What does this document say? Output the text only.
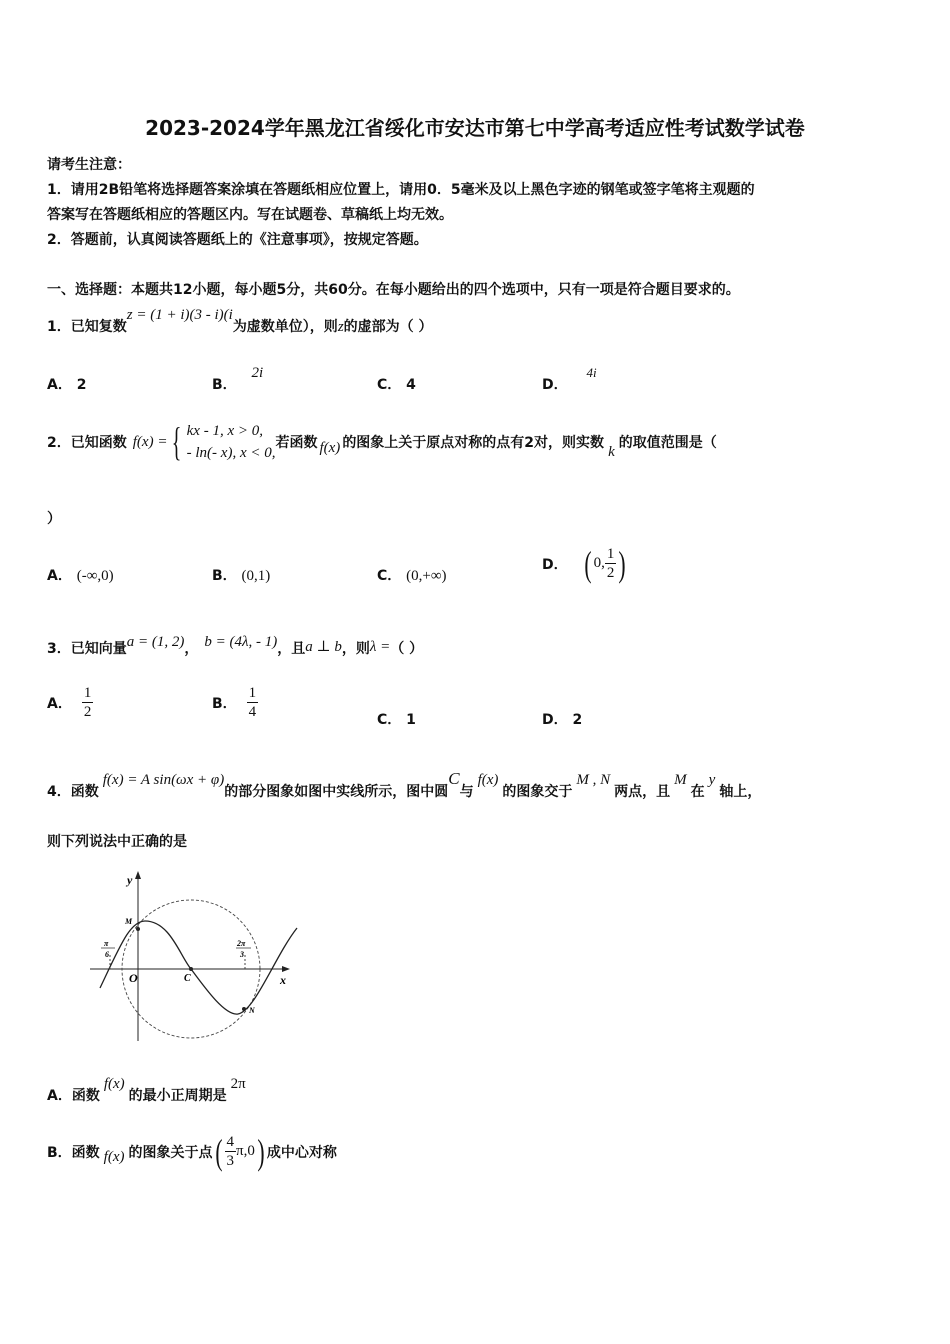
2023-2024学年黑龙江省绥化市安达市第七中学高考适应性考试数学试卷
请考生注意：
1．请用2B铅笔将选择题答案涂填在答题纸相应位置上，请用0．5毫米及以上黑色字迹的钢笔或签字笔将主观题的
答案写在答题纸相应的答题区内。写在试题卷、草稿纸上均无效。
2．答题前，认真阅读答题纸上的《注意事项》，按规定答题。
一、选择题：本题共12小题，每小题5分，共60分。在每小题给出的四个选项中，只有一项是符合题目要求的。
1．已知复数z = (1 + i)(3 - i)(i为虚数单位），则z的虚部为（ ）
A． 2	B． 2i
C． 4	D． 4i
2．已知函数 f(x) = { kx - 1, x > 0,
- ln(- x), x < 0,
若函数 f(x) 的图象上关于原点对称的点有2对，则实数
k
的取值范围是（
）
A． (-∞,0)	B． (0,1)	C． (0,+∞)
D． ( 0, $\frac{1}{2}$ )
3．已知向量a = (1, 2)， b = (4λ, - 1)，且a ⊥ b，则λ =（ ）
A． $\frac{1}{2}$	B． $\frac{1}{4}$	C． 1	D． 2
4．函数f(x) = A sin(ωx + φ)的部分图象如图中实线所示，图中圆C与f(x)的图象交于M , N两点，且M在y轴上，
则下列说法中正确的是
y
x
O	C
M
N
π
6
2π
3
A．函数f(x)的最小正周期是2π
B． 函数 f(x) 的图象关于点 ( $\frac{4}{3} \pi,0$ ) 成中心对称
